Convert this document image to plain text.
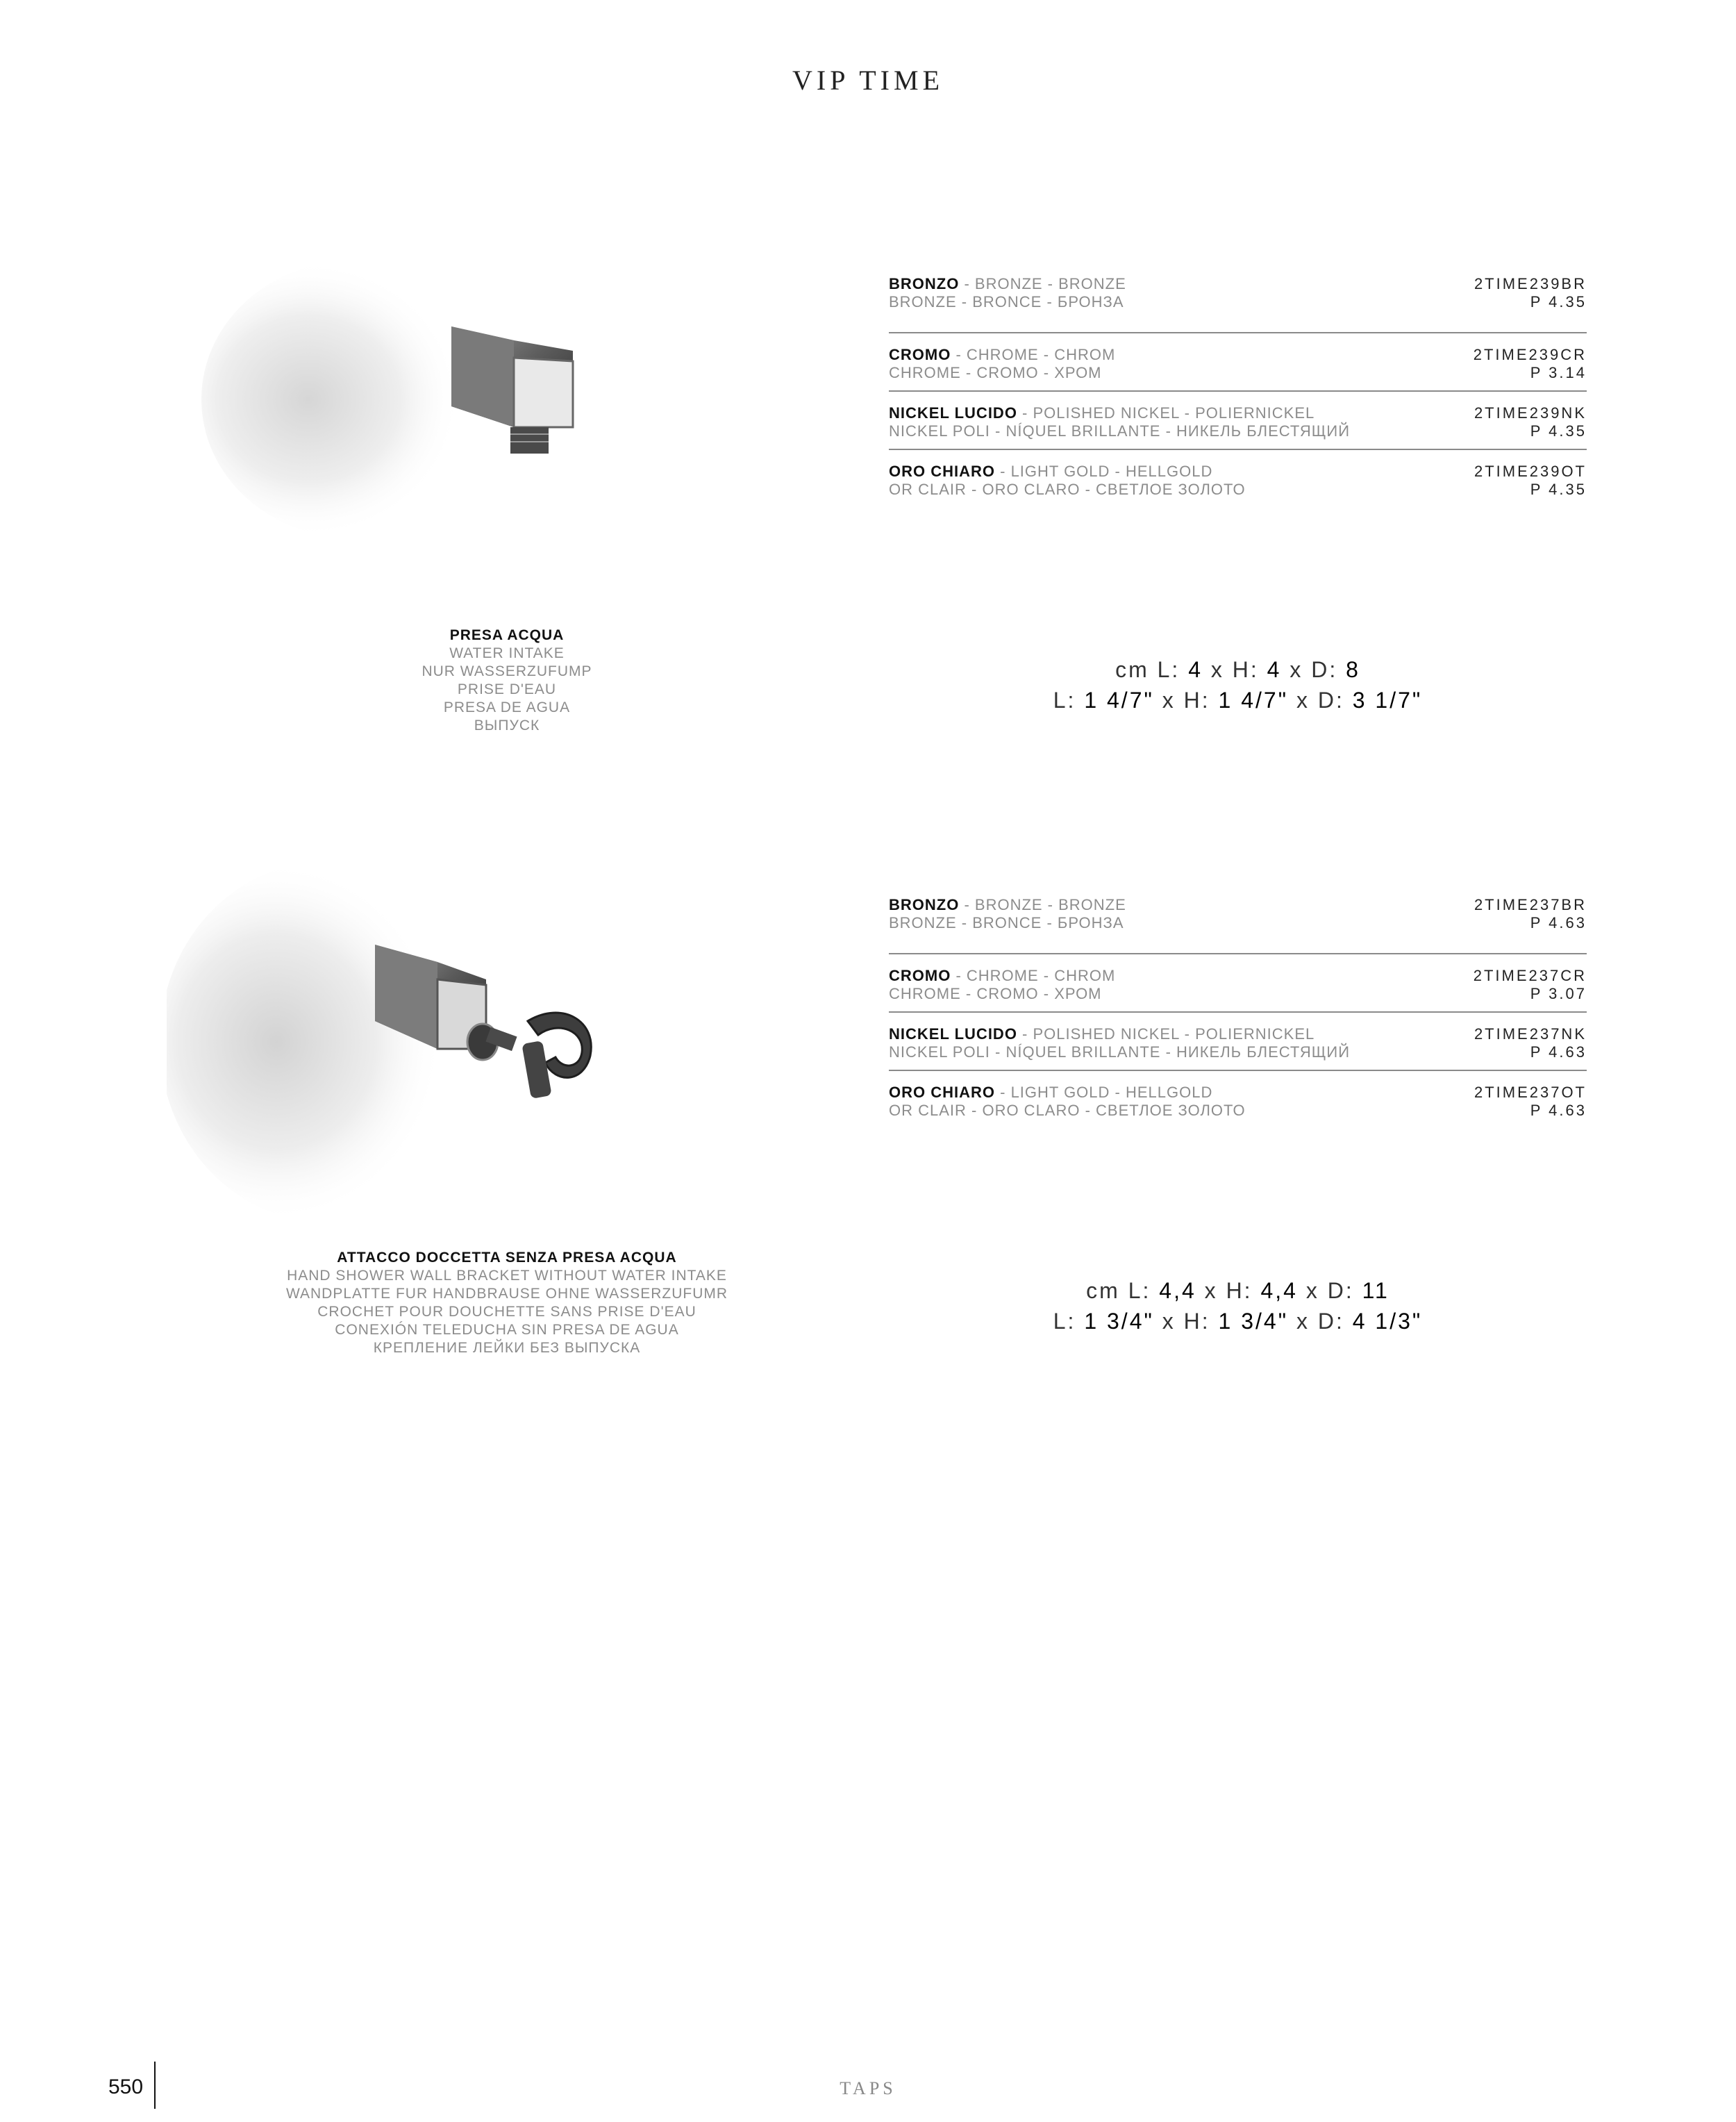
VIP TIME
BRONZO - BRONZE - BRONZE
BRONZE - BRONCE - БРОНЗА
2TIME239BR
P 4.35
CROMO - CHROME - CHROM
CHROME - CROMO - ХРОМ
2TIME239CR
P 3.14
NICKEL LUCIDO - POLISHED NICKEL - POLIERNICKEL
NICKEL POLI - NÍQUEL BRILLANTE - НИКЕЛЬ БЛЕСТЯЩИЙ
2TIME239NK
P 4.35
ORO CHIARO - LIGHT GOLD - HELLGOLD
OR CLAIR - ORO CLARO - СВЕТЛОЕ ЗОЛОТО
2TIME239OT
P 4.35
PRESA ACQUA
WATER INTAKE
NUR WASSERZUFUMP
PRISE D'EAU
PRESA DE AGUA
ВЫПУСК
cm L: 4 x H: 4 x D: 8
L: 1 4/7" x H: 1 4/7" x D: 3 1/7"
BRONZO - BRONZE - BRONZE
BRONZE - BRONCE - БРОНЗА
2TIME237BR
P 4.63
CROMO - CHROME - CHROM
CHROME - CROMO - ХРОМ
2TIME237CR
P 3.07
NICKEL LUCIDO - POLISHED NICKEL - POLIERNICKEL
NICKEL POLI - NÍQUEL BRILLANTE - НИКЕЛЬ БЛЕСТЯЩИЙ
2TIME237NK
P 4.63
ORO CHIARO - LIGHT GOLD - HELLGOLD
OR CLAIR - ORO CLARO - СВЕТЛОЕ ЗОЛОТО
2TIME237OT
P 4.63
ATTACCO DOCCETTA SENZA PRESA ACQUA
HAND SHOWER WALL BRACKET WITHOUT WATER INTAKE
WANDPLATTE FUR HANDBRAUSE OHNE WASSERZUFUMR
CROCHET POUR DOUCHETTE SANS PRISE D'EAU
CONEXIÓN TELEDUCHA SIN PRESA DE AGUA
КРЕПЛЕНИЕ ЛЕЙКИ БЕЗ ВЫПУСКА
cm L: 4,4 x H: 4,4 x D: 11
L: 1 3/4" x H: 1 3/4" x D: 4 1/3"
550	TAPS
